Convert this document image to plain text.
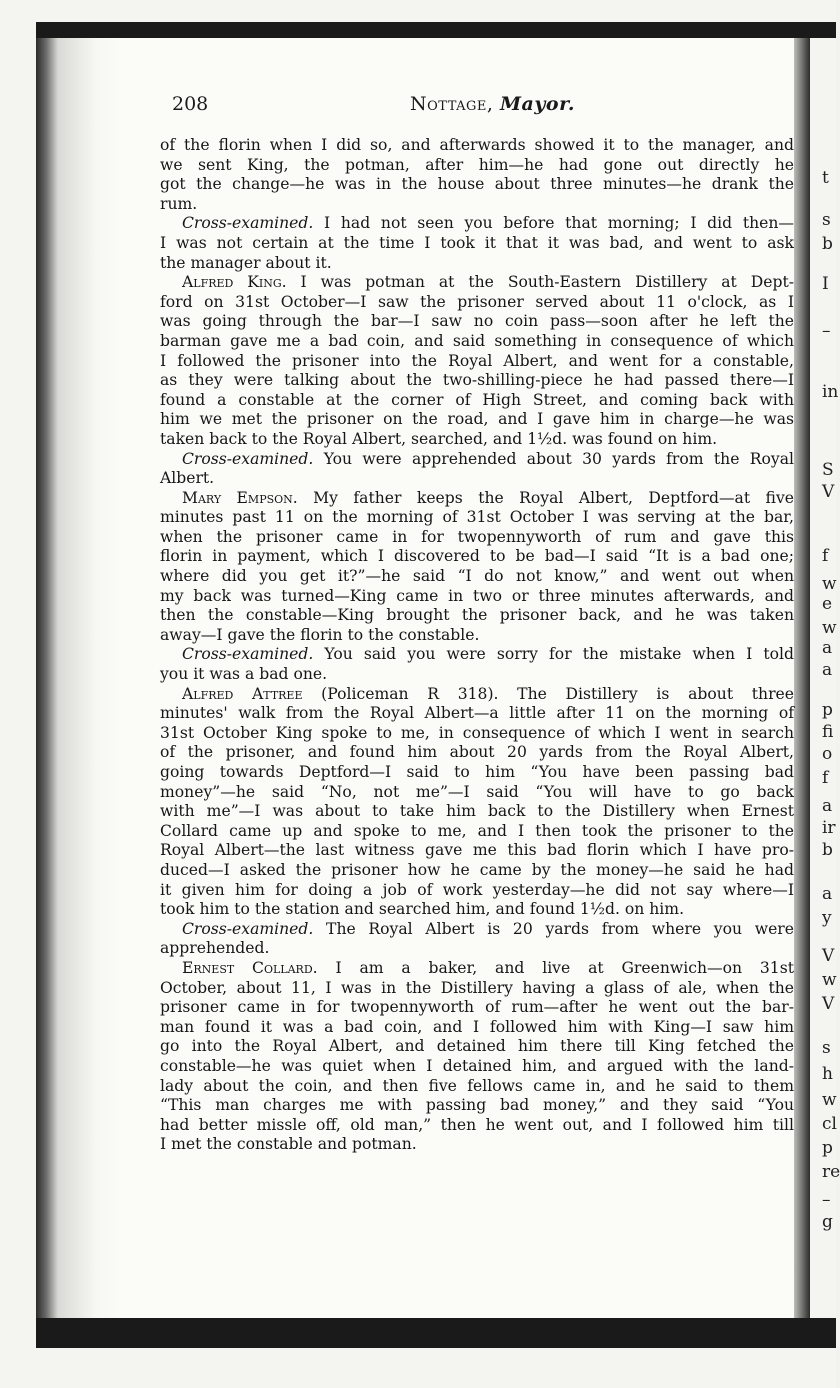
t
s
b
I
–
in
S
V
f
w
e
w
a
a
p
fi
o
f
a
ir
b
a
y
V
w
V
s
h
w
cl
p
re
–
g
208	Nottage, Mayor.
of the florin when I did so, and afterwards showed it to the manager, and
we sent King, the potman, after him—he had gone out directly he
got the change—he was in the house about three minutes—he drank the
rum.
Cross-examined. I had not seen you before that morning; I did then—
I was not certain at the time I took it that it was bad, and went to ask
the manager about it.
Alfred King. I was potman at the South-Eastern Distillery at Dept-
ford on 31st October—I saw the prisoner served about 11 o'clock, as I
was going through the bar—I saw no coin pass—soon after he left the
barman gave me a bad coin, and said something in consequence of which
I followed the prisoner into the Royal Albert, and went for a constable,
as they were talking about the two-shilling-piece he had passed there—I
found a constable at the corner of High Street, and coming back with
him we met the prisoner on the road, and I gave him in charge—he was
taken back to the Royal Albert, searched, and 1½d. was found on him.
Cross-examined. You were apprehended about 30 yards from the Royal
Albert.
Mary Empson. My father keeps the Royal Albert, Deptford—at five
minutes past 11 on the morning of 31st October I was serving at the bar,
when the prisoner came in for twopennyworth of rum and gave this
florin in payment, which I discovered to be bad—I said “It is a bad one;
where did you get it?”—he said “I do not know,” and went out when
my back was turned—King came in two or three minutes afterwards, and
then the constable—King brought the prisoner back, and he was taken
away—I gave the florin to the constable.
Cross-examined. You said you were sorry for the mistake when I told
you it was a bad one.
Alfred Attree (Policeman R 318). The Distillery is about three
minutes' walk from the Royal Albert—a little after 11 on the morning of
31st October King spoke to me, in consequence of which I went in search
of the prisoner, and found him about 20 yards from the Royal Albert,
going towards Deptford—I said to him “You have been passing bad
money”—he said “No, not me”—I said “You will have to go back
with me”—I was about to take him back to the Distillery when Ernest
Collard came up and spoke to me, and I then took the prisoner to the
Royal Albert—the last witness gave me this bad florin which I have pro-
duced—I asked the prisoner how he came by the money—he said he had
it given him for doing a job of work yesterday—he did not say where—I
took him to the station and searched him, and found 1½d. on him.
Cross-examined. The Royal Albert is 20 yards from where you were
apprehended.
Ernest Collard. I am a baker, and live at Greenwich—on 31st
October, about 11, I was in the Distillery having a glass of ale, when the
prisoner came in for twopennyworth of rum—after he went out the bar-
man found it was a bad coin, and I followed him with King—I saw him
go into the Royal Albert, and detained him there till King fetched the
constable—he was quiet when I detained him, and argued with the land-
lady about the coin, and then five fellows came in, and he said to them
“This man charges me with passing bad money,” and they said “You
had better missle off, old man,” then he went out, and I followed him till
I met the constable and potman.
